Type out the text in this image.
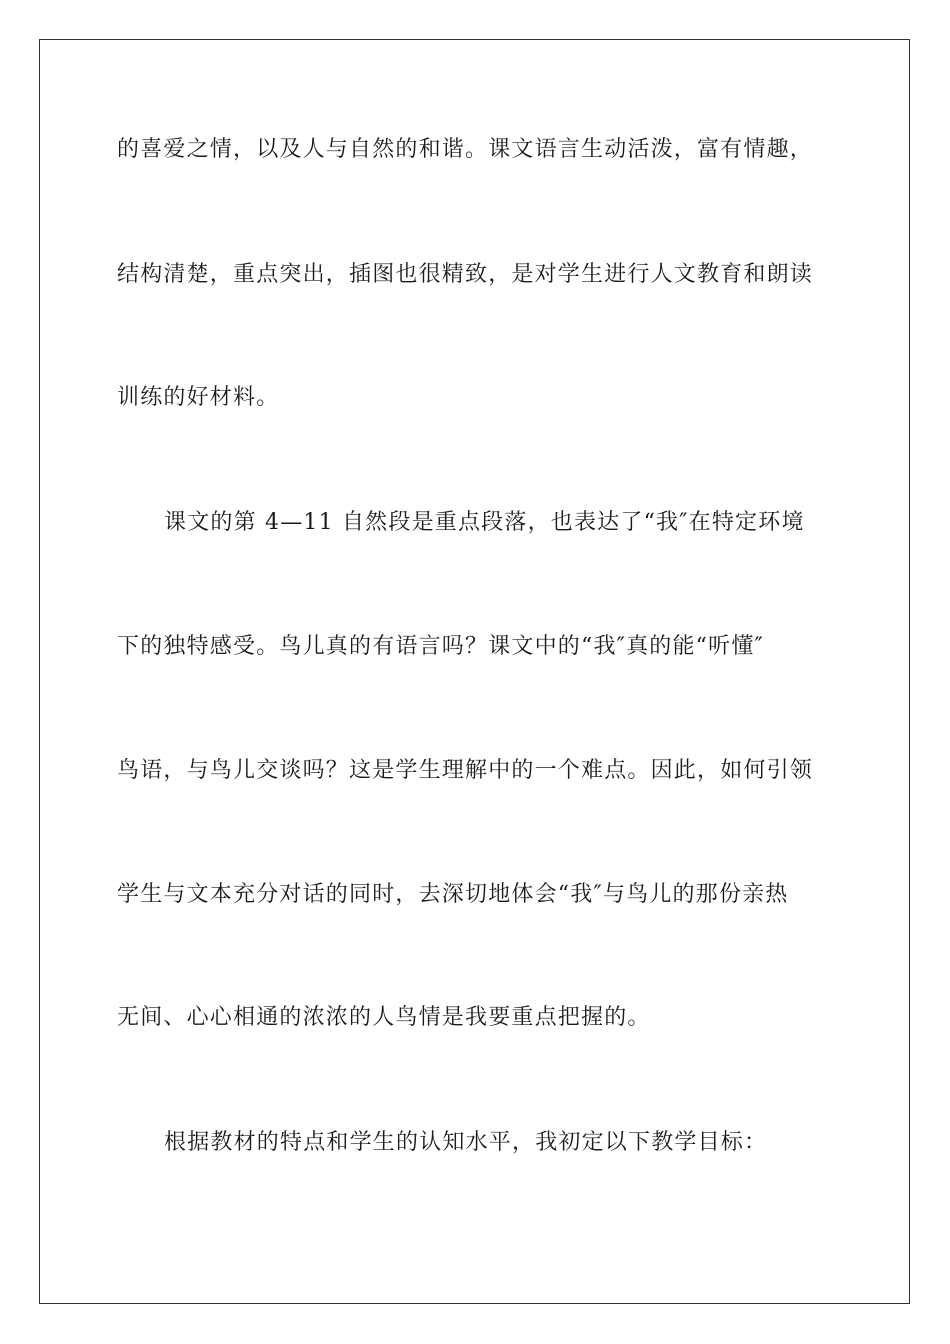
的喜爱之情，以及人与自然的和谐。课文语言生动活泼，富有情趣，
结构清楚，重点突出，插图也很精致，是对学生进行人文教育和朗读
训练的好材料。
课文的第 4—11 自然段是重点段落，也表达了“我″在特定环境
下的独特感受。鸟儿真的有语言吗？课文中的“我″真的能“听懂″
鸟语，与鸟儿交谈吗？这是学生理解中的一个难点。因此，如何引领
学生与文本充分对话的同时，去深切地体会“我″与鸟儿的那份亲热
无间、心心相通的浓浓的人鸟情是我要重点把握的。
根据教材的特点和学生的认知水平，我初定以下教学目标：
